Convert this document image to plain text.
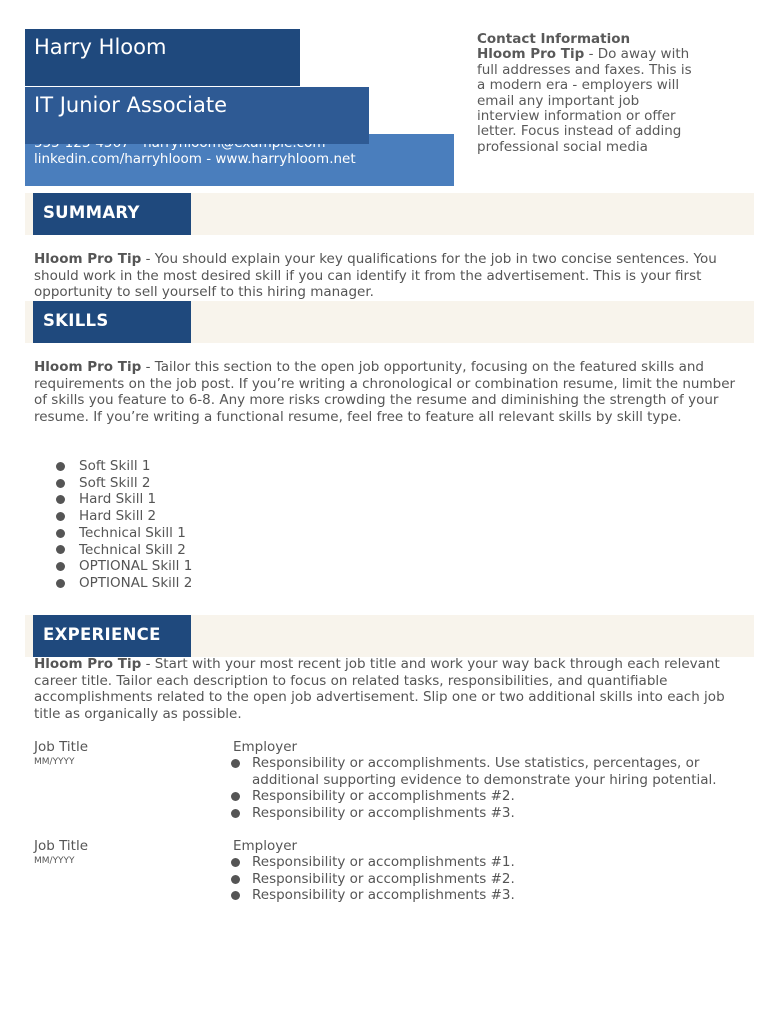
linkedin.com/harryhloom - www.harryhloom.net
IT Junior Associate
Harry Hloom	Contact Information
Hloom Pro Tip - Do away with full addresses and faxes. This is a modern era - employers will email any important job interview information or offer letter. Focus instead of adding professional social media
SUMMARY
Hloom Pro Tip - You should explain your key qualifications for the job in two concise sentences. You should work in the most desired skill if you can identify it from the advertisement. This is your first opportunity to sell yourself to this hiring manager.
SKILLS
Hloom Pro Tip - Tailor this section to the open job opportunity, focusing on the featured skills and requirements on the job post. If you’re writing a chronological or combination resume, limit the number of skills you feature to 6-8. Any more risks crowding the resume and diminishing the strength of your resume. If you’re writing a functional resume, feel free to feature all relevant skills by skill type.
Soft Skill 1
Soft Skill 2
Hard Skill 1
Hard Skill 2
Technical Skill 1
Technical Skill 2
OPTIONAL Skill 1
OPTIONAL Skill 2
EXPERIENCE
Hloom Pro Tip - Start with your most recent job title and work your way back through each relevant career title. Tailor each description to focus on related tasks, responsibilities, and quantifiable accomplishments related to the open job advertisement. Slip one or two additional skills into each job title as organically as possible.
Job Title
MM/YYYY
Employer
Responsibility or accomplishments. Use statistics, percentages, or additional supporting evidence to demonstrate your hiring potential.
Responsibility or accomplishments #2.
Responsibility or accomplishments #3.
Job Title
MM/YYYY
Employer
Responsibility or accomplishments #1.
Responsibility or accomplishments #2.
Responsibility or accomplishments #3.
